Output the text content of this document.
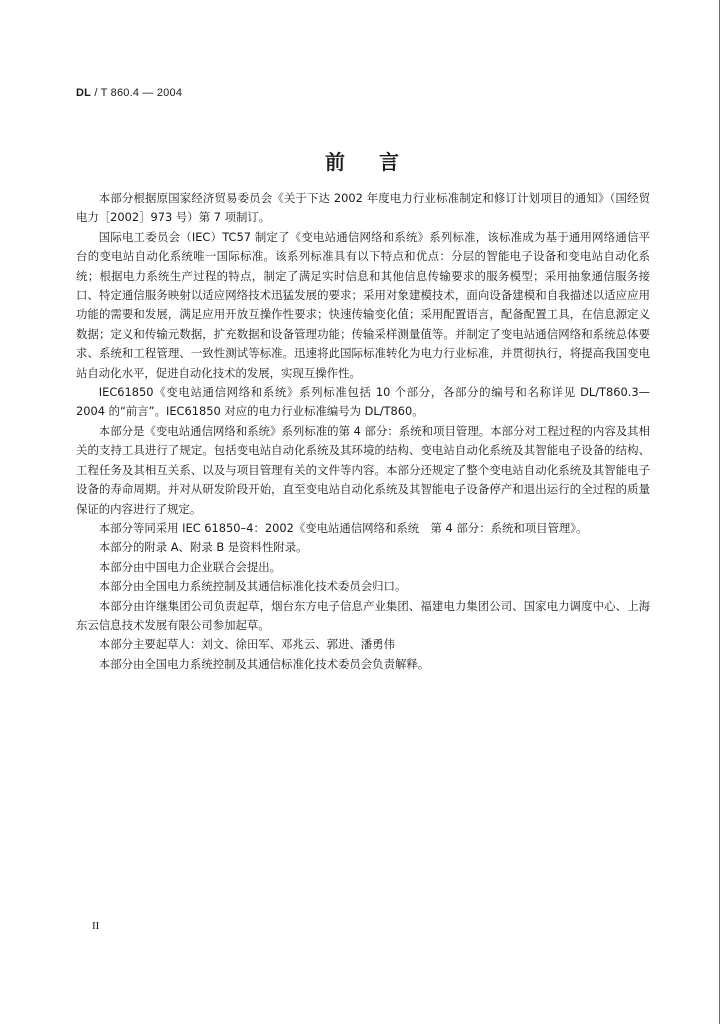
DL / T 860.4 — 2004
前言

本部分根据原国家经济贸易委员会《关于下达 2002 年度电力行业标准制定和修订计划项目的通知》（国经贸电力［2002］973 号）第 7 项制订。

国际电工委员会（IEC）TC57 制定了《变电站通信网络和系统》系列标准，该标准成为基于通用网络通信平台的变电站自动化系统唯一国际标准。该系列标准具有以下特点和优点：分层的智能电子设备和变电站自动化系统；根据电力系统生产过程的特点，制定了满足实时信息和其他信息传输要求的服务模型；采用抽象通信服务接口、特定通信服务映射以适应网络技术迅猛发展的要求；采用对象建模技术，面向设备建模和自我描述以适应应用功能的需要和发展，满足应用开放互操作性要求；快速传输变化值；采用配置语言，配备配置工具，在信息源定义数据；定义和传输元数据，扩充数据和设备管理功能；传输采样测量值等。并制定了变电站通信网络和系统总体要求、系统和工程管理、一致性测试等标准。迅速将此国际标准转化为电力行业标准，并贯彻执行，将提高我国变电站自动化水平，促进自动化技术的发展，实现互操作性。

IEC61850《变电站通信网络和系统》系列标准包括 10 个部分，各部分的编号和名称详见 DL/T860.3—2004 的“前言”。IEC61850 对应的电力行业标准编号为 DL/T860。

本部分是《变电站通信网络和系统》系列标准的第 4 部分：系统和项目管理。本部分对工程过程的内容及其相关的支持工具进行了规定。包括变电站自动化系统及其环境的结构、变电站自动化系统及其智能电子设备的结构、工程任务及其相互关系、以及与项目管理有关的文件等内容。本部分还规定了整个变电站自动化系统及其智能电子设备的寿命周期。并对从研发阶段开始，直至变电站自动化系统及其智能电子设备停产和退出运行的全过程的质量保证的内容进行了规定。

本部分等同采用 IEC 61850–4：2002《变电站通信网络和系统　第 4 部分：系统和项目管理》。

本部分的附录 A、附录 B 是资料性附录。

本部分由中国电力企业联合会提出。

本部分由全国电力系统控制及其通信标准化技术委员会归口。

本部分由许继集团公司负责起草，烟台东方电子信息产业集团、福建电力集团公司、国家电力调度中心、上海东云信息技术发展有限公司参加起草。

本部分主要起草人：刘文、徐田军、邓兆云、郭进、潘勇伟

本部分由全国电力系统控制及其通信标准化技术委员会负责解释。

II
